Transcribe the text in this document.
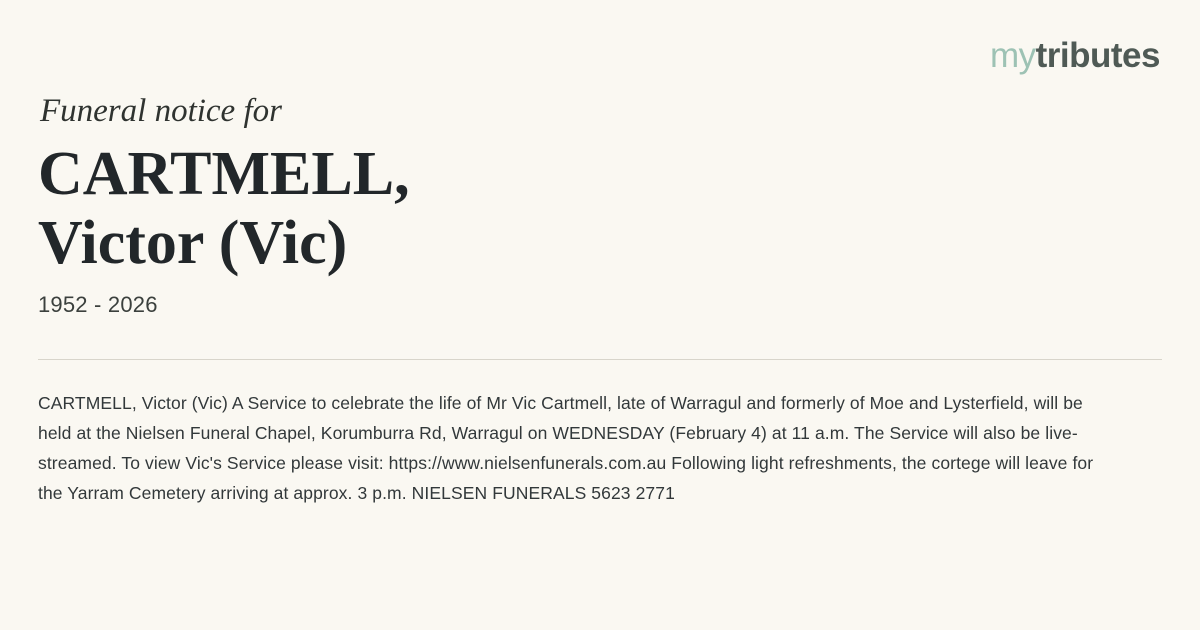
mytributes
Funeral notice for
CARTMELL,
Victor (Vic)
1952 - 2026
CARTMELL, Victor (Vic) A Service to celebrate the life of Mr Vic Cartmell, late of Warragul and formerly of Moe and Lysterfield, will be held at the Nielsen Funeral Chapel, Korumburra Rd, Warragul on WEDNESDAY (February 4) at 11 a.m. The Service will also be live-streamed. To view Vic's Service please visit: https://www.nielsenfunerals.com.au Following light refreshments, the cortege will leave for the Yarram Cemetery arriving at approx. 3 p.m. NIELSEN FUNERALS 5623 2771
